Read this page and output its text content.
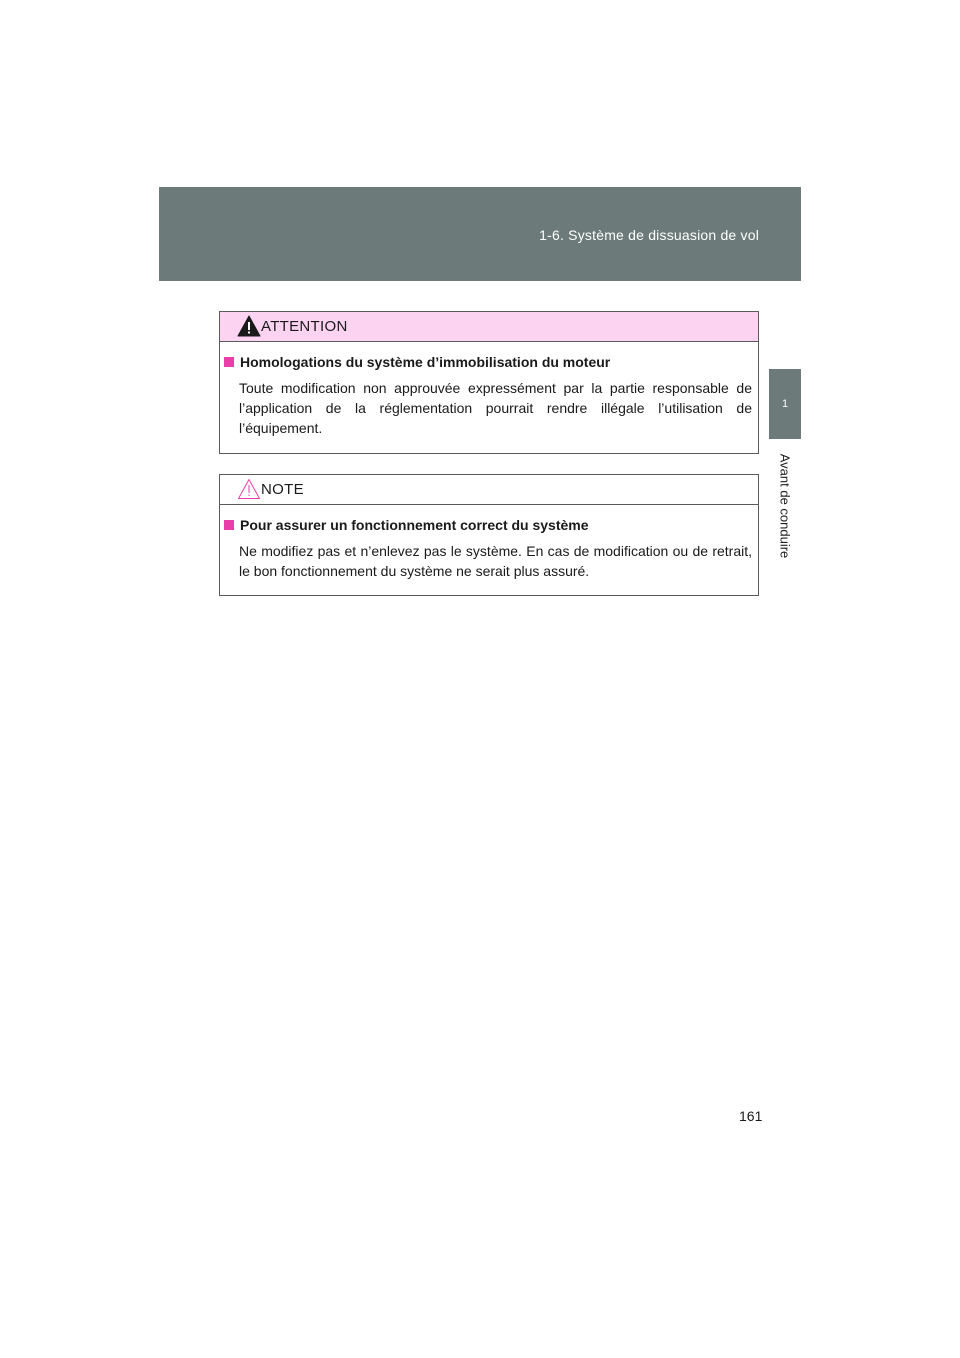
1-6. Système de dissuasion de vol
1
Avant de conduire
ATTENTION
Homologations du système d’immobilisation du moteur
Toute modification non approuvée expressément par la partie responsable de l’application de la réglementation pourrait rendre illégale l’utilisation de l’équipement.
NOTE
Pour assurer un fonctionnement correct du système
Ne modifiez pas et n’enlevez pas le système. En cas de modification ou de retrait, le bon fonctionnement du système ne serait plus assuré.
161
